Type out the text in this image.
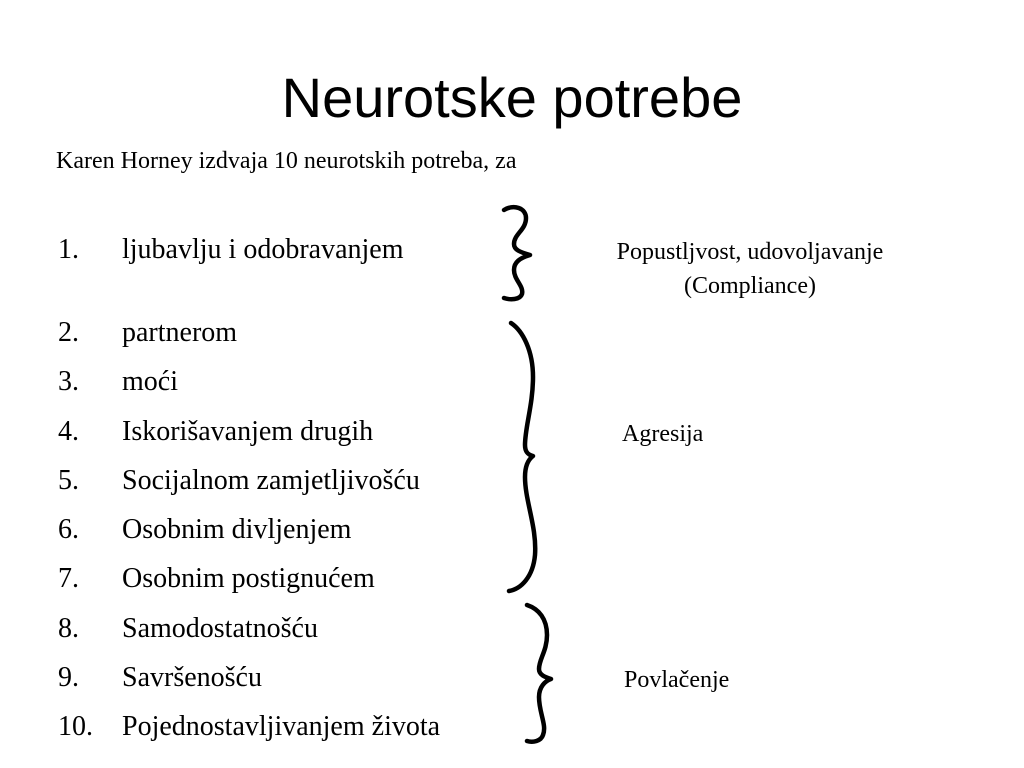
Neurotske potrebe
Karen Horney izdvaja 10 neurotskih potreba, za
1. ljubavlju i odobravanjem
2. partnerom
3. moći
4. Iskorišavanjem drugih
5. Socijalnom zamjetljivošću
6. Osobnim divljenjem
7. Osobnim postignućem
8. Samodostatnošću
9. Savršenošću
10. Pojednostavljivanjem života
Popustljvost, udovoljavanje
(Compliance)
Agresija
Povlačenje
